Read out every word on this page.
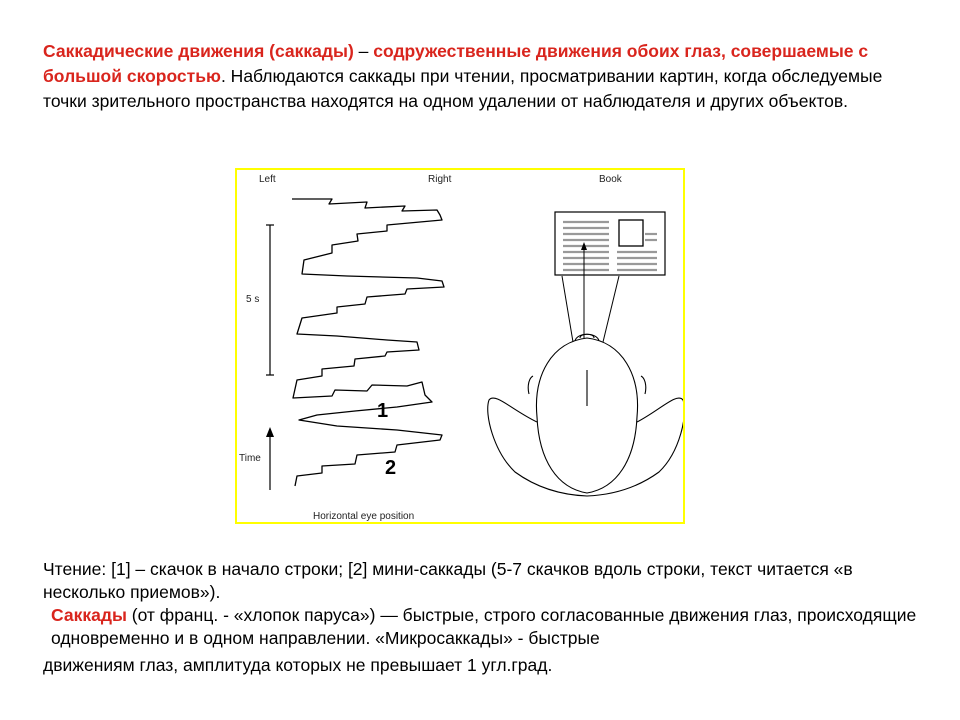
Саккадические движения (саккады) – содружественные движения обоих глаз, совершаемые с большой скоростью. Наблюдаются саккады при чтении, просматривании картин, когда обследуемые точки зрительного пространства находятся на одном удалении от наблюдателя и других объектов.
Left	Right	Book
5 s
Time
Horizontal eye position
1
2

Чтение: [1] – скачок в начало строки; [2] мини-саккады (5-7 скачков вдоль строки, текст читается «в несколько приемов»).

Саккады (от франц. - «хлопок паруса») — быстрые, строго согласованные движения глаз, происходящие одновременно и в одном направлении. «Микросаккады» - быстрые

движениям глаз, амплитуда которых не превышает 1 угл.град.
